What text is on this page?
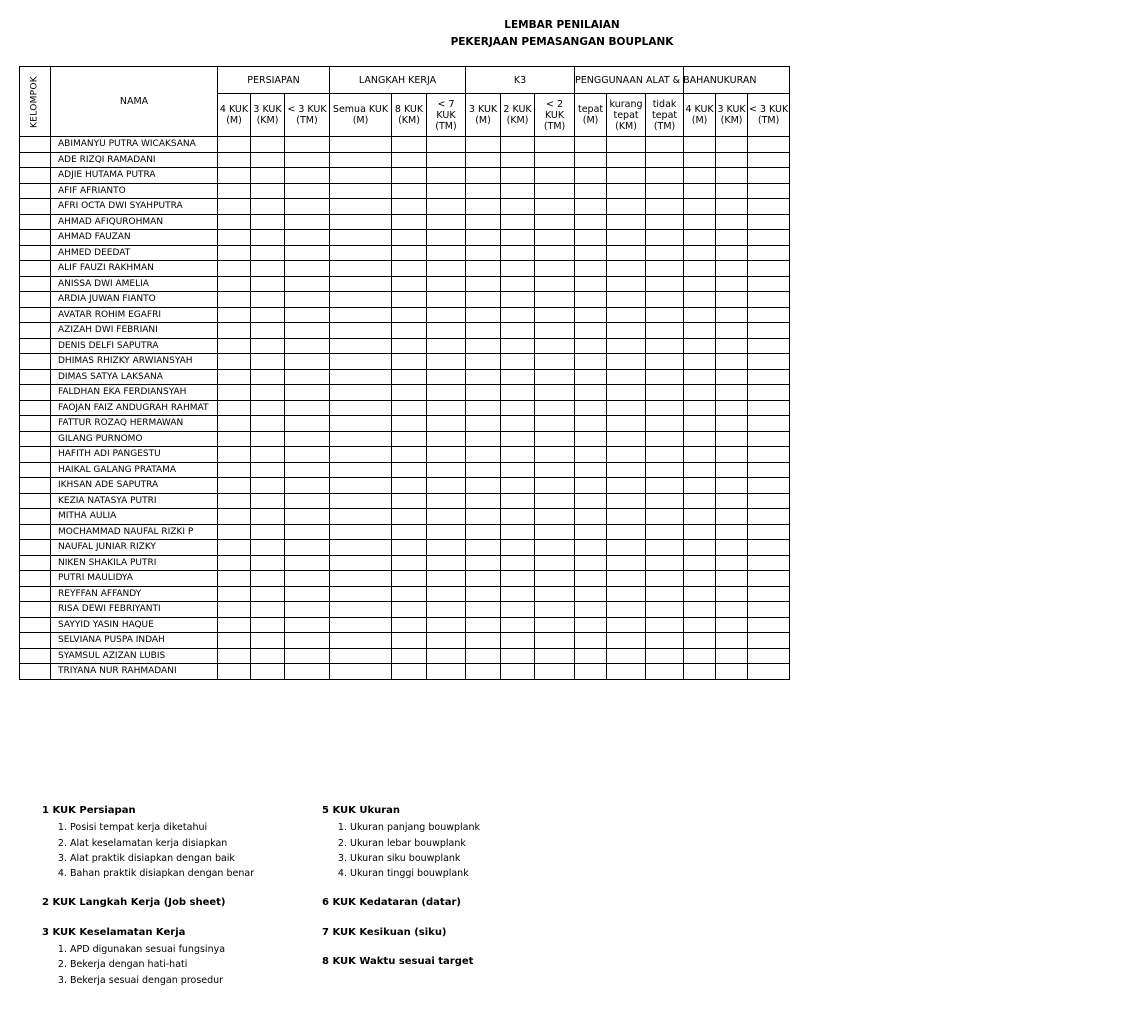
LEMBAR PENILAIAN
PEKERJAAN PEMASANGAN BOUPLANK
KELOMPOK	NAMA	PERSIAPAN			LANGKAH KERJA			K3			PENGGUNAAN ALAT & BAHAN			UKURAN		
		4 KUK (M)	3 KUK (KM)	< 3 KUK (TM)	Semua KUK (M)	8 KUK (KM)	< 7 KUK (TM)	3 KUK (M)	2 KUK (KM)	< 2 KUK (TM)	tepat (M)	kurang tepat (KM)	tidak tepat (TM)	4 KUK (M)	3 KUK (KM)	< 3 KUK (TM)
	ABIMANYU PUTRA WICAKSANA															
	ADE RIZQI RAMADANI															
	ADJIE HUTAMA PUTRA															
	AFIF AFRIANTO															
	AFRI OCTA DWI SYAHPUTRA															
	AHMAD AFIQUROHMAN															
	AHMAD FAUZAN															
	AHMED DEEDAT															
	ALIF FAUZI RAKHMAN															
	ANISSA DWI AMELIA															
	ARDIA JUWAN FIANTO															
	AVATAR ROHIM EGAFRI															
	AZIZAH DWI FEBRIANI															
	DENIS DELFI SAPUTRA															
	DHIMAS RHIZKY ARWIANSYAH															
	DIMAS SATYA LAKSANA															
	FALDHAN EKA FERDIANSYAH															
	FAOJAN FAIZ ANDUGRAH RAHMAT															
	FATTUR ROZAQ HERMAWAN															
	GILANG PURNOMO															
	HAFITH ADI PANGESTU															
	HAIKAL GALANG PRATAMA															
	IKHSAN ADE SAPUTRA															
	KEZIA NATASYA PUTRI															
	MITHA AULIA															
	MOCHAMMAD NAUFAL RIZKI P															
	NAUFAL JUNIAR RIZKY															
	NIKEN SHAKILA PUTRI															
	PUTRI MAULIDYA															
	REYFFAN AFFANDY															
	RISA DEWI FEBRIYANTI															
	SAYYID YASIN HAQUE															
	SELVIANA PUSPA INDAH															
	SYAMSUL AZIZAN LUBIS															
	TRIYANA NUR RAHMADANI															
1 KUK Persiapan
1. Posisi tempat kerja diketahui
2. Alat keselamatan kerja disiapkan
3. Alat praktik disiapkan dengan baik
4. Bahan praktik disiapkan dengan benar
2 KUK Langkah Kerja (Job sheet)
3 KUK Keselamatan Kerja
1. APD digunakan sesuai fungsinya
2. Bekerja dengan hati-hati
3. Bekerja sesuai dengan prosedur
5 KUK Ukuran
1. Ukuran panjang bouwplank
2. Ukuran lebar bouwplank
3. Ukuran siku bouwplank
4. Ukuran tinggi bouwplank
6 KUK Kedataran (datar)
7 KUK Kesikuan (siku)
8 KUK Waktu sesuai target
